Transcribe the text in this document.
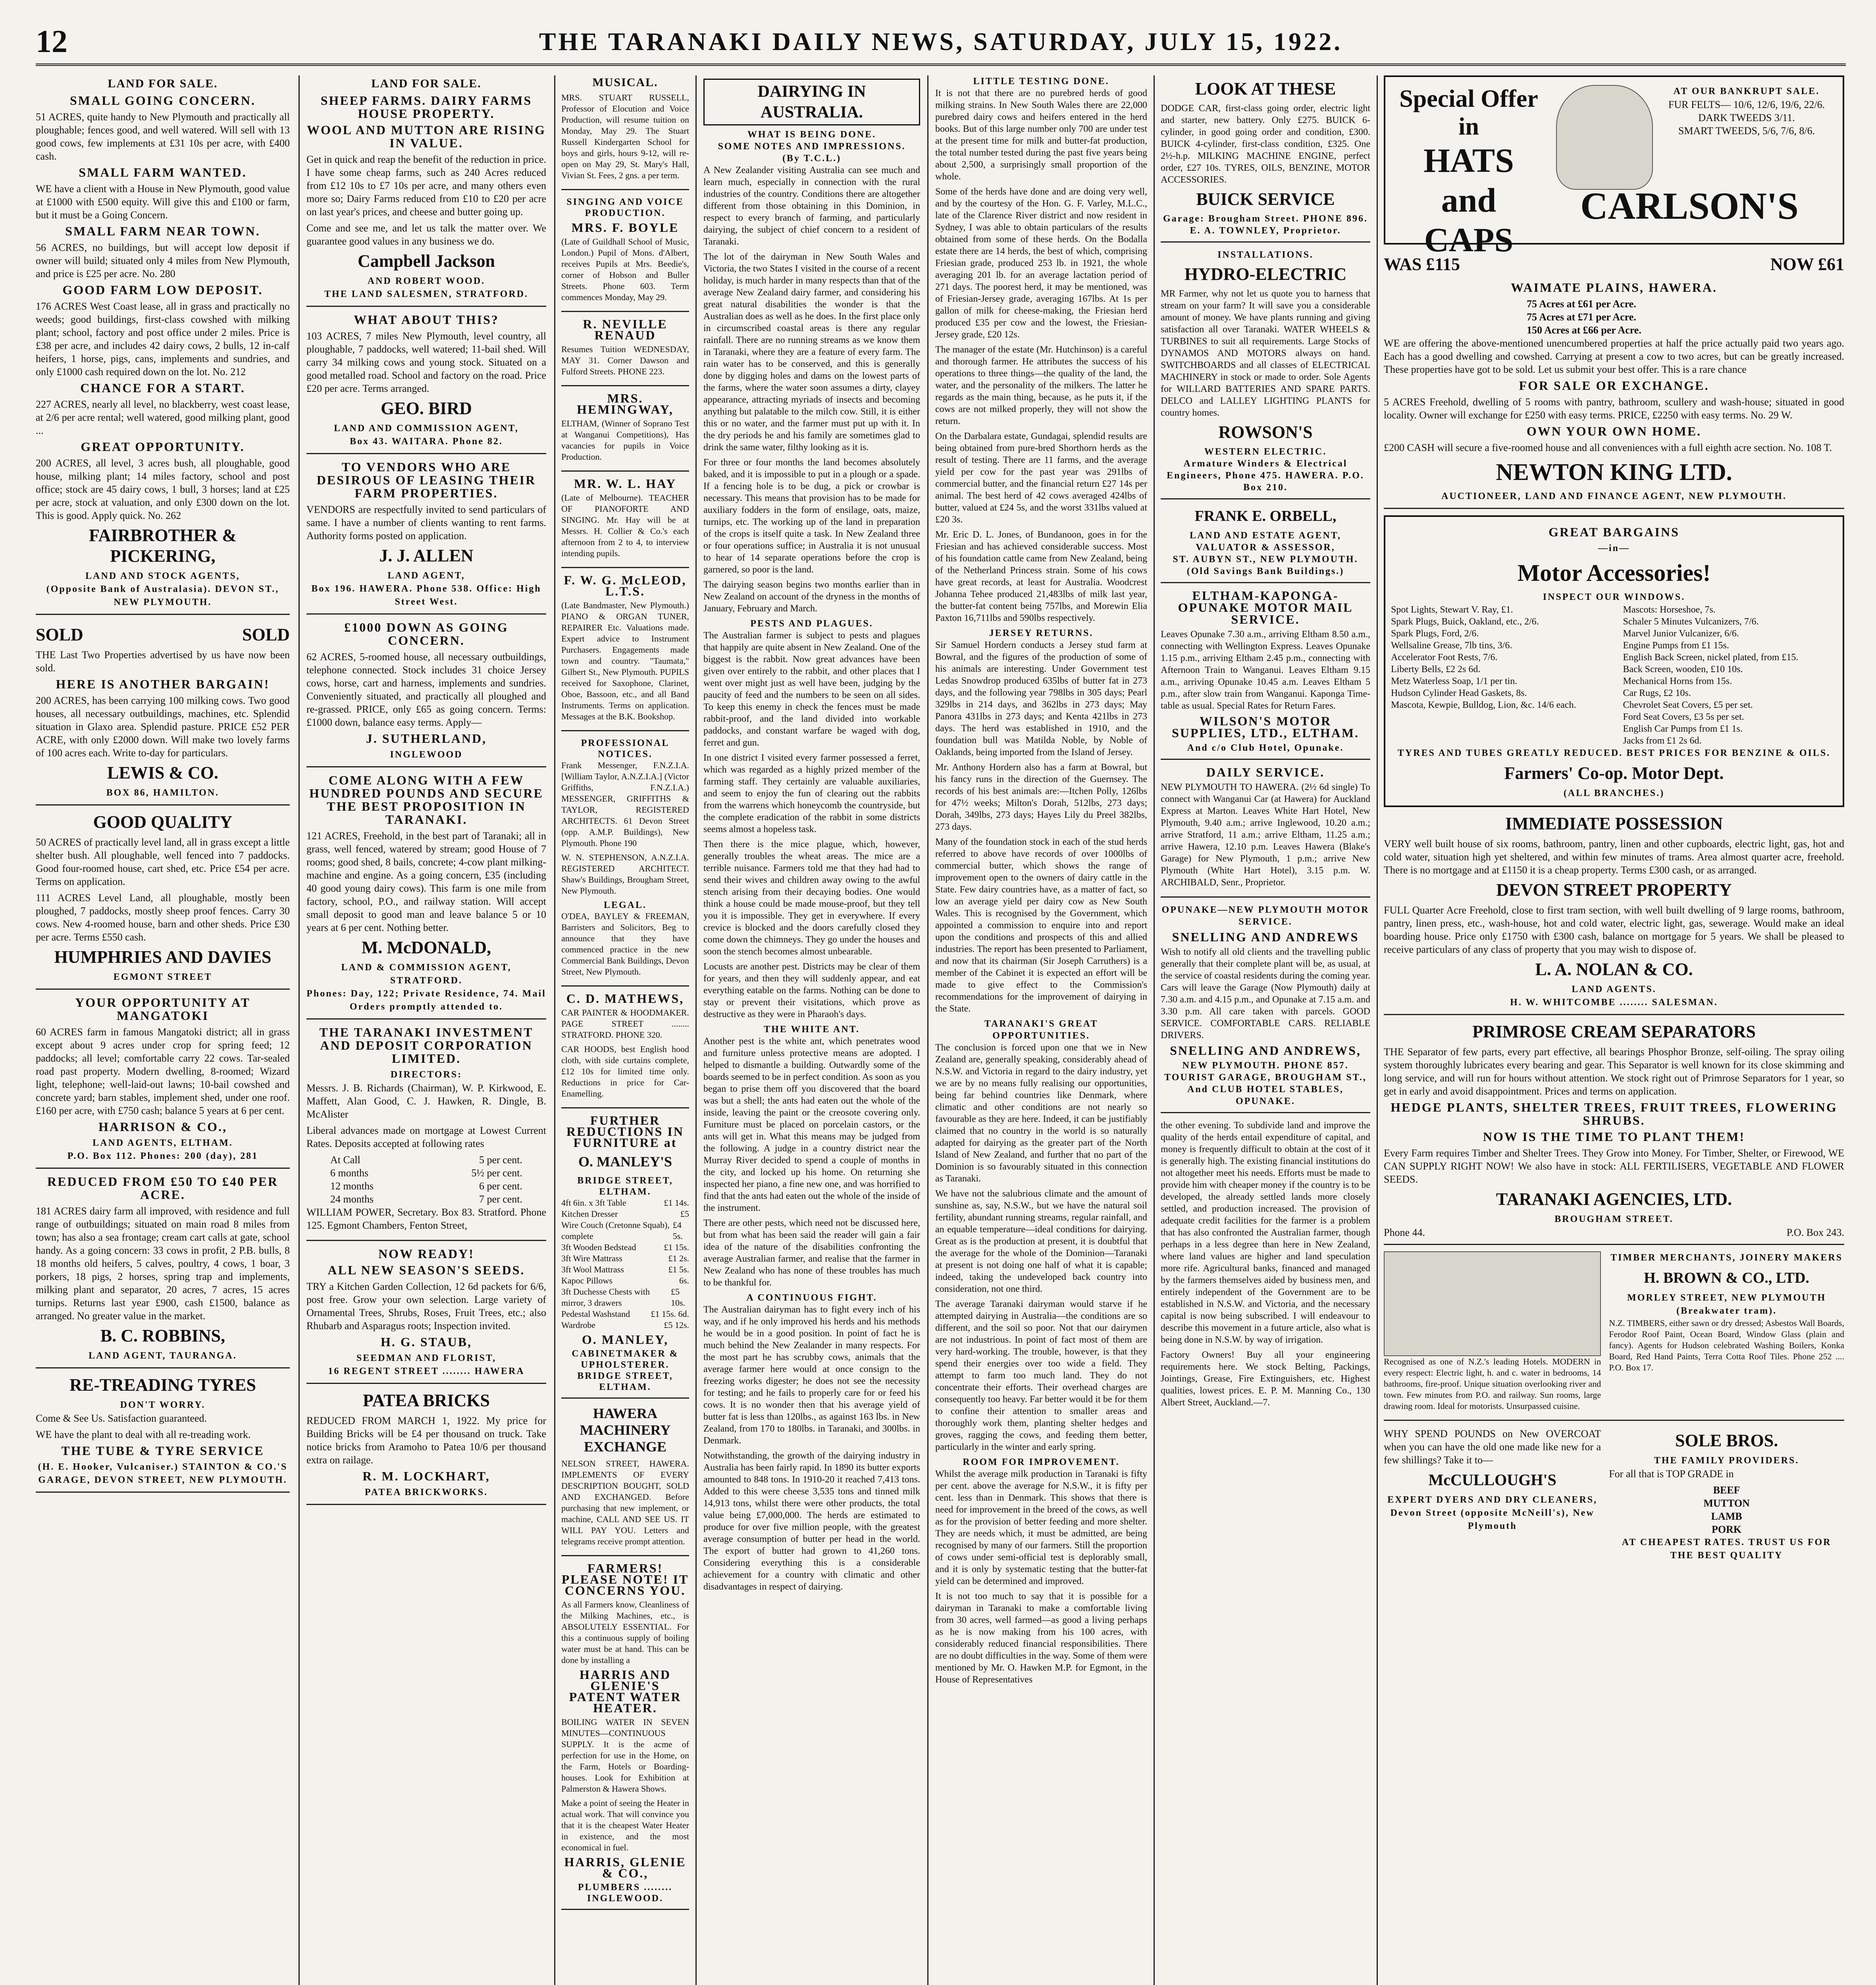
12	THE TARANAKI DAILY NEWS, SATURDAY, JULY 15, 1922.
LAND FOR SALE.
SMALL GOING CONCERN.

51 ACRES, quite handy to New Plymouth and practically all ploughable; fences good, and well watered. Will sell with 13 good cows, few implements at £31 10s per acre, with £400 cash.

SMALL FARM WANTED.

WE have a client with a House in New Plymouth, good value at £1000 with £500 equity. Will give this and £100 or farm, but it must be a Going Concern.

SMALL FARM NEAR TOWN.

56 ACRES, no buildings, but will accept low deposit if owner will build; situated only 4 miles from New Plymouth, and price is £25 per acre. No. 280

GOOD FARM LOW DEPOSIT.

176 ACRES West Coast lease, all in grass and practically no weeds; good buildings, first-class cowshed with milking plant; school, factory and post office under 2 miles. Price is £38 per acre, and includes 42 dairy cows, 2 bulls, 12 in-calf heifers, 1 horse, pigs, cans, implements and sundries, and only £1000 cash required down on the lot. No. 212

CHANCE FOR A START.

227 ACRES, nearly all level, no blackberry, west coast lease, at 2/6 per acre rental; well watered, good milking plant, good ...

GREAT OPPORTUNITY.

200 ACRES, all level, 3 acres bush, all ploughable, good house, milking plant; 14 miles factory, school and post office; stock are 45 dairy cows, 1 bull, 3 horses; land at £25 per acre, stock at valuation, and only £300 down on the lot. This is good. Apply quick. No. 262

FAIRBROTHER & PICKERING,
LAND AND STOCK AGENTS,
(Opposite Bank of Australasia). DEVON ST., NEW PLYMOUTH.
SOLD	SOLD

THE Last Two Properties advertised by us have now been sold.

HERE IS ANOTHER BARGAIN!

200 ACRES, has been carrying 100 milking cows. Two good houses, all necessary outbuildings, machines, etc. Splendid situation in Glaxo area. Splendid pasture. PRICE £52 PER ACRE, with only £2000 down. Will make two lovely farms of 100 acres each. Write to-day for particulars.

LEWIS & CO.
BOX 86, HAMILTON.
GOOD QUALITY

50 ACRES of practically level land, all in grass except a little shelter bush. All ploughable, well fenced into 7 paddocks. Good four-roomed house, cart shed, etc. Price £54 per acre. Terms on application.

111 ACRES Level Land, all ploughable, mostly been ploughed, 7 paddocks, mostly sheep proof fences. Carry 30 cows. New 4-roomed house, barn and other sheds. Price £30 per acre. Terms £550 cash.

HUMPHRIES AND DAVIES
EGMONT STREET
YOUR OPPORTUNITY AT MANGATOKI

60 ACRES farm in famous Mangatoki district; all in grass except about 9 acres under crop for spring feed; 12 paddocks; all level; comfortable carry 22 cows. Tar-sealed road past property. Modern dwelling, 8-roomed; Wizard light, telephone; well-laid-out lawns; 10-bail cowshed and concrete yard; barn stables, implement shed, under one roof. £160 per acre, with £750 cash; balance 5 years at 6 per cent.

HARRISON & CO.,
LAND AGENTS, ELTHAM.
P.O. Box 112. Phones: 200 (day), 281
REDUCED FROM £50 TO £40 PER ACRE.

181 ACRES dairy farm all improved, with residence and full range of outbuildings; situated on main road 8 miles from town; has also a sea frontage; cream cart calls at gate, school handy. As a going concern: 33 cows in profit, 2 P.B. bulls, 8 18 months old heifers, 5 calves, poultry, 4 cows, 1 boar, 3 porkers, 18 pigs, 2 horses, spring trap and implements, milking plant and separator, 20 acres, 7 acres, 15 acres turnips. Returns last year £900, cash £1500, balance as arranged. No greater value in the market.

B. C. ROBBINS,
LAND AGENT, TAURANGA.
RE-TREADING TYRES
DON'T WORRY.

Come & See Us. Satisfaction guaranteed.

WE have the plant to deal with all re-treading work.

THE TUBE & TYRE SERVICE
(H. E. Hooker, Vulcaniser.) STAINTON & CO.'S GARAGE, DEVON STREET, NEW PLYMOUTH.
LAND FOR SALE.
SHEEP FARMS. DAIRY FARMS HOUSE PROPERTY.
WOOL AND MUTTON ARE RISING IN VALUE.

Get in quick and reap the benefit of the reduction in price. I have some cheap farms, such as 240 Acres reduced from £12 10s to £7 10s per acre, and many others even more so; Dairy Farms reduced from £10 to £20 per acre on last year's prices, and cheese and butter going up.

Come and see me, and let us talk the matter over. We guarantee good values in any business we do.

Campbell Jackson
AND ROBERT WOOD.
THE LAND SALESMEN, STRATFORD.
WHAT ABOUT THIS?

103 ACRES, 7 miles New Plymouth, level country, all ploughable, 7 paddocks, well watered; 11-bail shed. Will carry 34 milking cows and young stock. Situated on a good metalled road. School and factory on the road. Price £20 per acre. Terms arranged.

GEO. BIRD
LAND AND COMMISSION AGENT,
Box 43. WAITARA. Phone 82.
TO VENDORS WHO ARE DESIROUS OF LEASING THEIR FARM PROPERTIES.

VENDORS are respectfully invited to send particulars of same. I have a number of clients wanting to rent farms. Authority forms posted on application.

J. J. ALLEN
LAND AGENT,
Box 196. HAWERA. Phone 538. Office: High Street West.
£1000 DOWN AS GOING CONCERN.

62 ACRES, 5-roomed house, all necessary outbuildings, telephone connected. Stock includes 31 choice Jersey cows, horse, cart and harness, implements and sundries. Conveniently situated, and practically all ploughed and re-grassed. PRICE, only £65 as going concern. Terms: £1000 down, balance easy terms. Apply—

J. SUTHERLAND,
INGLEWOOD
COME ALONG WITH A FEW HUNDRED POUNDS AND SECURE THE BEST PROPOSITION IN TARANAKI.

121 ACRES, Freehold, in the best part of Taranaki; all in grass, well fenced, watered by stream; good House of 7 rooms; good shed, 8 bails, concrete; 4-cow plant milking-machine and engine. As a going concern, £35 (including 40 good young dairy cows). This farm is one mile from factory, school, P.O., and railway station. Will accept small deposit to good man and leave balance 5 or 10 years at 6 per cent. Nothing better.

M. McDONALD,
LAND & COMMISSION AGENT, STRATFORD.
Phones: Day, 122; Private Residence, 74. Mail Orders promptly attended to.
THE TARANAKI INVESTMENT AND DEPOSIT CORPORATION LIMITED.
DIRECTORS:

Messrs. J. B. Richards (Chairman), W. P. Kirkwood, E. Maffett, Alan Good, C. J. Hawken, R. Dingle, B. McAlister

Liberal advances made on mortgage at Lowest Current Rates. Deposits accepted at following rates

At Call	5 per cent.
6 months	5½ per cent.
12 months	6 per cent.
24 months	7 per cent.

WILLIAM POWER, Secretary. Box 83. Stratford. Phone 125. Egmont Chambers, Fenton Street,

NOW READY!
ALL NEW SEASON'S SEEDS.

TRY a Kitchen Garden Collection, 12 6d packets for 6/6, post free. Grow your own selection. Large variety of Ornamental Trees, Shrubs, Roses, Fruit Trees, etc.; also Rhubarb and Asparagus roots; Inspection invited.

H. G. STAUB,
SEEDMAN AND FLORIST,
16 REGENT STREET ........ HAWERA
PATEA BRICKS

REDUCED FROM MARCH 1, 1922. My price for Building Bricks will be £4 per thousand on truck. Take notice bricks from Aramoho to Patea 10/6 per thousand extra on railage.

R. M. LOCKHART,
PATEA BRICKWORKS.
MUSICAL.

MRS. STUART RUSSELL, Professor of Elocution and Voice Production, will resume tuition on Monday, May 29. The Stuart Russell Kindergarten School for boys and girls, hours 9-12, will re-open on May 29, St. Mary's Hall, Vivian St. Fees, 2 gns. a per term.

SINGING AND VOICE PRODUCTION.
MRS. F. BOYLE

(Late of Guildhall School of Music, London.) Pupil of Mons. d'Albert, receives Pupils at Mrs. Beedie's, corner of Hobson and Buller Streets. Phone 603. Term commences Monday, May 29.

R. NEVILLE RENAUD

Resumes Tuition WEDNESDAY, MAY 31. Corner Dawson and Fulford Streets. PHONE 223.

MRS. HEMINGWAY,

ELTHAM, (Winner of Soprano Test at Wanganui Competitions), Has vacancies for pupils in Voice Production.

MR. W. L. HAY

(Late of Melbourne). TEACHER OF PIANOFORTE AND SINGING. Mr. Hay will be at Messrs. H. Collier & Co.'s each afternoon from 2 to 4, to interview intending pupils.

F. W. G. McLEOD, L.T.S.

(Late Bandmaster, New Plymouth.) PIANO & ORGAN TUNER, REPAIRER Etc. Valuations made. Expert advice to Instrument Purchasers. Engagements made town and country. "Taumata," Gilbert St., New Plymouth. PUPILS received for Saxophone, Clarinet, Oboe, Bassoon, etc., and all Band Instruments. Terms on application. Messages at the B.K. Bookshop.

PROFESSIONAL NOTICES.

Frank Messenger, F.N.Z.I.A. [William Taylor, A.N.Z.I.A.] (Victor Griffiths, F.N.Z.I.A.) MESSENGER, GRIFFITHS & TAYLOR, REGISTERED ARCHITECTS. 61 Devon Street (opp. A.M.P. Buildings), New Plymouth. Phone 190

W. N. STEPHENSON, A.N.Z.I.A. REGISTERED ARCHITECT. Shaw's Buildings, Brougham Street, New Plymouth.

LEGAL.

O'DEA, BAYLEY & FREEMAN, Barristers and Solicitors, Beg to announce that they have commenced practice in the new Commercial Bank Buildings, Devon Street, New Plymouth.

C. D. MATHEWS,

CAR PAINTER & HOODMAKER. PAGE STREET ........ STRATFORD. PHONE 320.

CAR HOODS, best English hood cloth, with side curtains complete, £12 10s for limited time only. Reductions in price for Car-Enamelling.

FURTHER REDUCTIONS IN FURNITURE at
O. MANLEY'S
BRIDGE STREET, ELTHAM.
4ft 6in. x 3ft Table	£1 14s.
Kitchen Dresser	£5
Wire Couch (Cretonne Squab), complete
£4 5s.
3ft Wooden Bedstead	£1 15s.
3ft Wire Mattrass	£1 2s.
3ft Wool Mattrass	£1 5s.
Kapoc Pillows	6s.
3ft Duchesse Chests with mirror, 3 drawers
£5 10s.
Pedestal Washstand £1 15s. 6d.
Wardrobe	£5 12s.
O. MANLEY,
CABINETMAKER & UPHOLSTERER.
BRIDGE STREET, ELTHAM.
HAWERA MACHINERY EXCHANGE

NELSON STREET, HAWERA. IMPLEMENTS OF EVERY DESCRIPTION BOUGHT, SOLD AND EXCHANGED. Before purchasing that new implement, or machine, CALL AND SEE US. IT WILL PAY YOU. Letters and telegrams receive prompt attention.

FARMERS! PLEASE NOTE! IT CONCERNS YOU.

As all Farmers know, Cleanliness of the Milking Machines, etc., is ABSOLUTELY ESSENTIAL. For this a continuous supply of boiling water must be at hand. This can be done by installing a

HARRIS AND GLENIE'S PATENT WATER HEATER.

BOILING WATER IN SEVEN MINUTES—CONTINUOUS SUPPLY. It is the acme of perfection for use in the Home, on the Farm, Hotels or Boarding-houses. Look for Exhibition at Palmerston & Hawera Shows.

Make a point of seeing the Heater in actual work. That will convince you that it is the cheapest Water Heater in existence, and the most economical in fuel.

HARRIS, GLENIE & CO.,
PLUMBERS ........ INGLEWOOD.
DAIRYING IN AUSTRALIA.
WHAT IS BEING DONE.
SOME NOTES AND IMPRESSIONS.
(By T.C.L.)

A New Zealander visiting Australia can see much and learn much, especially in connection with the rural industries of the country. Conditions there are altogether different from those obtaining in this Dominion, in respect to every branch of farming, and particularly dairying, the subject of chief concern to a resident of Taranaki.

The lot of the dairyman in New South Wales and Victoria, the two States I visited in the course of a recent holiday, is much harder in many respects than that of the average New Zealand dairy farmer, and considering his great natural disabilities the wonder is that the Australian does as well as he does. In the first place only in circumscribed coastal areas is there any regular rainfall. There are no running streams as we know them in Taranaki, where they are a feature of every farm. The rain water has to be conserved, and this is generally done by digging holes and dams on the lowest parts of the farms, where the water soon assumes a dirty, clayey appearance, attracting myriads of insects and becoming anything but palatable to the milch cow. Still, it is either this or no water, and the farmer must put up with it. In the dry periods he and his family are sometimes glad to drink the same water, filthy looking as it is.

For three or four months the land becomes absolutely baked, and it is impossible to put in a plough or a spade. If a fencing hole is to be dug, a pick or crowbar is necessary. This means that provision has to be made for auxiliary fodders in the form of ensilage, oats, maize, turnips, etc. The working up of the land in preparation of the crops is itself quite a task. In New Zealand three or four operations suffice; in Australia it is not unusual to hear of 14 separate operations before the crop is garnered, so poor is the land.

The dairying season begins two months earlier than in New Zealand on account of the dryness in the months of January, February and March.

PESTS AND PLAGUES.

The Australian farmer is subject to pests and plagues that happily are quite absent in New Zealand. One of the biggest is the rabbit. Now great advances have been given over entirely to the rabbit, and other places that I went over might just as well have been, judging by the paucity of feed and the numbers to be seen on all sides. To keep this enemy in check the fences must be made rabbit-proof, and the land divided into workable paddocks, and constant warfare be waged with dog, ferret and gun.

In one district I visited every farmer possessed a ferret, which was regarded as a highly prized member of the farming staff. They certainly are valuable auxiliaries, and seem to enjoy the fun of clearing out the rabbits from the warrens which honeycomb the countryside, but the complete eradication of the rabbit in some districts seems almost a hopeless task.

Then there is the mice plague, which, however, generally troubles the wheat areas. The mice are a terrible nuisance. Farmers told me that they had had to send their wives and children away owing to the awful stench arising from their decaying bodies. One would think a house could be made mouse-proof, but they tell you it is impossible. They get in everywhere. If every crevice is blocked and the doors carefully closed they come down the chimneys. They go under the houses and soon the stench becomes almost unbearable.

Locusts are another pest. Districts may be clear of them for years, and then they will suddenly appear, and eat everything eatable on the farms. Nothing can be done to stay or prevent their visitations, which prove as destructive as they were in Pharaoh's days.

THE WHITE ANT.

Another pest is the white ant, which penetrates wood and furniture unless protective means are adopted. I helped to dismantle a building. Outwardly some of the boards seemed to be in perfect condition. As soon as you began to prise them off you discovered that the board was but a shell; the ants had eaten out the whole of the inside, leaving the paint or the creosote covering only. Furniture must be placed on porcelain castors, or the ants will get in. What this means may be judged from the following. A judge in a country district near the Murray River decided to spend a couple of months in the city, and locked up his home. On returning she inspected her piano, a fine new one, and was horrified to find that the ants had eaten out the whole of the inside of the instrument.

There are other pests, which need not be discussed here, but from what has been said the reader will gain a fair idea of the nature of the disabilities confronting the average Australian farmer, and realise that the farmer in New Zealand who has none of these troubles has much to be thankful for.

A CONTINUOUS FIGHT.

The Australian dairyman has to fight every inch of his way, and if he only improved his herds and his methods he would be in a good position. In point of fact he is much behind the New Zealander in many respects. For the most part he has scrubby cows, animals that the average farmer here would at once consign to the freezing works digester; he does not see the necessity for testing; and he fails to properly care for or feed his cows. It is no wonder then that his average yield of butter fat is less than 120lbs., as against 163 lbs. in New Zealand, from 170 to 180lbs. in Taranaki, and 300lbs. in Denmark.

Notwithstanding, the growth of the dairying industry in Australia has been fairly rapid. In 1890 its butter exports amounted to 848 tons. In 1910-20 it reached 7,413 tons. Added to this were cheese 3,535 tons and tinned milk 14,913 tons, whilst there were other products, the total value being £7,000,000. The herds are estimated to produce for over five million people, with the greatest average consumption of butter per head in the world. The export of butter had grown to 41,260 tons. Considering everything this is a considerable achievement for a country with climatic and other disadvantages in respect of dairying.

LITTLE TESTING DONE.

It is not that there are no purebred herds of good milking strains. In New South Wales there are 22,000 purebred dairy cows and heifers entered in the herd books. But of this large number only 700 are under test at the present time for milk and butter-fat production, the total number tested during the past five years being about 2,500, a surprisingly small proportion of the whole.

Some of the herds have done and are doing very well, and by the courtesy of the Hon. G. F. Varley, M.L.C., late of the Clarence River district and now resident in Sydney, I was able to obtain particulars of the results obtained from some of these herds. On the Bodalla estate there are 14 herds, the best of which, comprising Friesian grade, produced 253 lb. in 1921, the whole averaging 201 lb. for an average lactation period of 271 days. The poorest herd, it may be mentioned, was of Friesian-Jersey grade, averaging 167lbs. At 1s per gallon of milk for cheese-making, the Friesian herd produced £35 per cow and the lowest, the Friesian-Jersey grade, £20 12s.

The manager of the estate (Mr. Hutchinson) is a careful and thorough farmer. He attributes the success of his operations to three things—the quality of the land, the water, and the personality of the milkers. The latter he regards as the main thing, because, as he puts it, if the cows are not milked properly, they will not show the return.

On the Darbalara estate, Gundagai, splendid results are being obtained from pure-bred Shorthorn herds as the result of testing. There are 11 farms, and the average yield per cow for the past year was 291lbs of commercial butter, and the financial return £27 14s per animal. The best herd of 42 cows averaged 424lbs of butter, valued at £24 5s, and the worst 331lbs valued at £20 3s.

Mr. Eric D. L. Jones, of Bundanoon, goes in for the Friesian and has achieved considerable success. Most of his foundation cattle came from New Zealand, being of the Netherland Princess strain. Some of his cows have great records, at least for Australia. Woodcrest Johanna Tehee produced 21,483lbs of milk last year, the butter-fat content being 757lbs, and Morewin Elia Paxton 16,711lbs and 590lbs respectively.

JERSEY RETURNS.

Sir Samuel Hordern conducts a Jersey stud farm at Bowral, and the figures of the production of some of his animals are interesting. Under Government test Ledas Snowdrop produced 635lbs of butter fat in 273 days, and the following year 798lbs in 305 days; Pearl 329lbs in 214 days, and 362lbs in 273 days; May Panora 431lbs in 273 days; and Kenta 421lbs in 273 days. The herd was established in 1910, and the foundation bull was Matilda Noble, by Noble of Oaklands, being imported from the Island of Jersey.

Mr. Anthony Hordern also has a farm at Bowral, but his fancy runs in the direction of the Guernsey. The records of his best animals are:—Itchen Polly, 126lbs for 47½ weeks; Milton's Dorah, 512lbs, 273 days; Dorah, 349lbs, 273 days; Hayes Lily du Preel 382lbs, 273 days.

Many of the foundation stock in each of the stud herds referred to above have records of over 1000lbs of commercial butter, which shows the range of improvement open to the owners of dairy cattle in the State. Few dairy countries have, as a matter of fact, so low an average yield per dairy cow as New South Wales. This is recognised by the Government, which appointed a commission to enquire into and report upon the conditions and prospects of this and allied industries. The report has been presented to Parliament, and now that its chairman (Sir Joseph Carruthers) is a member of the Cabinet it is expected an effort will be made to give effect to the Commission's recommendations for the improvement of dairying in the State.

TARANAKI'S GREAT OPPORTUNITIES.

The conclusion is forced upon one that we in New Zealand are, generally speaking, considerably ahead of N.S.W. and Victoria in regard to the dairy industry, yet we are by no means fully realising our opportunities, being far behind countries like Denmark, where climatic and other conditions are not nearly so favourable as they are here. Indeed, it can be justifiably claimed that no country in the world is so naturally adapted for dairying as the greater part of the North Island of New Zealand, and further that no part of the Dominion is so favourably situated in this connection as Taranaki.

We have not the salubrious climate and the amount of sunshine as, say, N.S.W., but we have the natural soil fertility, abundant running streams, regular rainfall, and an equable temperature—ideal conditions for dairying. Great as is the production at present, it is doubtful that the average for the whole of the Dominion—Taranaki at present is not doing one half of what it is capable; indeed, taking the undeveloped back country into consideration, not one third.

The average Taranaki dairyman would starve if he attempted dairying in Australia—the conditions are so different, and the soil so poor. Not that our dairymen are not industrious. In point of fact most of them are very hard-working. The trouble, however, is that they spend their energies over too wide a field. They attempt to farm too much land. They do not concentrate their efforts. Their overhead charges are consequently too heavy. Far better would it be for them to confine their attention to smaller areas and thoroughly work them, planting shelter hedges and groves, ragging the cows, and feeding them better, particularly in the winter and early spring.

ROOM FOR IMPROVEMENT.

Whilst the average milk production in Taranaki is fifty per cent. above the average for N.S.W., it is fifty per cent. less than in Denmark. This shows that there is need for improvement in the breed of the cows, as well as for the provision of better feeding and more shelter. They are needs which, it must be admitted, are being recognised by many of our farmers. Still the proportion of cows under semi-official test is deplorably small, and it is only by systematic testing that the butter-fat yield can be determined and improved.

It is not too much to say that it is possible for a dairyman in Taranaki to make a comfortable living from 30 acres, well farmed—as good a living perhaps as he is now making from his 100 acres, with considerably reduced financial responsibilities. There are no doubt difficulties in the way. Some of them were mentioned by Mr. O. Hawken M.P. for Egmont, in the House of Representatives

LOOK AT THESE

DODGE CAR, first-class going order, electric light and starter, new battery. Only £275. BUICK 6-cylinder, in good going order and condition, £300. BUICK 4-cylinder, first-class condition, £325. One 2½-h.p. MILKING MACHINE ENGINE, perfect order, £27 10s. TYRES, OILS, BENZINE, MOTOR ACCESSORIES.

BUICK SERVICE
Garage: Brougham Street. PHONE 896. E. A. TOWNLEY, Proprietor.
INSTALLATIONS.
HYDRO-ELECTRIC

MR Farmer, why not let us quote you to harness that stream on your farm? It will save you a considerable amount of money. We have plants running and giving satisfaction all over Taranaki. WATER WHEELS & TURBINES to suit all requirements. Large Stocks of DYNAMOS AND MOTORS always on hand. SWITCHBOARDS and all classes of ELECTRICAL MACHINERY in stock or made to order. Sole Agents for WILLARD BATTERIES AND SPARE PARTS. DELCO and LALLEY LIGHTING PLANTS for country homes.

ROWSON'S
WESTERN ELECTRIC.
Armature Winders & Electrical Engineers, Phone 475. HAWERA. P.O. Box 210.
FRANK E. ORBELL,
LAND AND ESTATE AGENT, VALUATOR & ASSESSOR,
ST. AUBYN ST., NEW PLYMOUTH. (Old Savings Bank Buildings.)
ELTHAM-KAPONGA-OPUNAKE MOTOR MAIL SERVICE.

Leaves Opunake 7.30 a.m., arriving Eltham 8.50 a.m., connecting with Wellington Express. Leaves Opunake 1.15 p.m., arriving Eltham 2.45 p.m., connecting with Afternoon Train to Wanganui. Leaves Eltham 9.15 a.m., arriving Opunake 10.45 a.m. Leaves Eltham 5 p.m., after slow train from Wanganui. Kaponga Time-table as usual. Special Rates for Return Fares.

WILSON'S MOTOR SUPPLIES, LTD., ELTHAM.
And c/o Club Hotel, Opunake.
DAILY SERVICE.

NEW PLYMOUTH TO HAWERA. (2½ 6d single) To connect with Wanganui Car (at Hawera) for Auckland Express at Marton. Leaves White Hart Hotel, New Plymouth, 9.40 a.m.; arrive Inglewood, 10.20 a.m.; arrive Stratford, 11 a.m.; arrive Eltham, 11.25 a.m.; arrive Hawera, 12.10 p.m. Leaves Hawera (Blake's Garage) for New Plymouth, 1 p.m.; arrive New Plymouth (White Hart Hotel), 3.15 p.m. W. ARCHIBALD, Senr., Proprietor.

OPUNAKE—NEW PLYMOUTH MOTOR SERVICE.
SNELLING AND ANDREWS

Wish to notify all old clients and the travelling public generally that their complete plant will be, as usual, at the service of coastal residents during the coming year. Cars will leave the Garage (Now Plymouth) daily at 7.30 a.m. and 4.15 p.m., and Opunake at 7.15 a.m. and 3.30 p.m. All care taken with parcels. GOOD SERVICE. COMFORTABLE CARS. RELIABLE DRIVERS.

SNELLING AND ANDREWS,
NEW PLYMOUTH. PHONE 857. TOURIST GARAGE, BROUGHAM ST., And CLUB HOTEL STABLES, OPUNAKE.

the other evening. To subdivide land and improve the quality of the herds entail expenditure of capital, and money is frequently difficult to obtain at the cost of it is generally high. The existing financial institutions do not altogether meet his needs. Efforts must be made to provide him with cheaper money if the country is to be developed, the already settled lands more closely settled, and production increased. The provision of adequate credit facilities for the farmer is a problem that has also confronted the Australian farmer, though perhaps in a less degree than here in New Zealand, where land values are higher and land speculation more rife. Agricultural banks, financed and managed by the farmers themselves aided by business men, and entirely independent of the Government are to be established in N.S.W. and Victoria, and the necessary capital is now being subscribed. I will endeavour to describe this movement in a future article, also what is being done in N.S.W. by way of irrigation.

Factory Owners! Buy all your engineering requirements here. We stock Belting, Packings, Jointings, Grease, Fire Extinguishers, etc. Highest qualities, lowest prices. E. P. M. Manning Co., 130 Albert Street, Auckland.—7.

Special Offer in
HATS and CAPS
AT OUR BANKRUPT SALE.
FUR FELTS— 10/6, 12/6, 19/6, 22/6.
DARK TWEEDS 3/11.
SMART TWEEDS, 5/6, 7/6, 8/6.
CARLSON'S
WAS £115	NOW £61
WAIMATE PLAINS, HAWERA.
75 Acres at £61 per Acre.
75 Acres at £71 per Acre.
150 Acres at £66 per Acre.

WE are offering the above-mentioned unencumbered properties at half the price actually paid two years ago. Each has a good dwelling and cowshed. Carrying at present a cow to two acres, but can be greatly increased. These properties have got to be sold. Let us submit your best offer. This is a rare chance

FOR SALE OR EXCHANGE.

5 ACRES Freehold, dwelling of 5 rooms with pantry, bathroom, scullery and wash-house; situated in good locality. Owner will exchange for £250 with easy terms. PRICE, £2250 with easy terms. No. 29 W.

OWN YOUR OWN HOME.

£200 CASH will secure a five-roomed house and all conveniences with a full eighth acre section. No. 108 T.

NEWTON KING LTD.
AUCTIONEER, LAND AND FINANCE AGENT, NEW PLYMOUTH.
GREAT BARGAINS
—in—
Motor Accessories!
INSPECT OUR WINDOWS.
Spot Lights, Stewart V. Ray, £1.
Spark Plugs, Buick, Oakland, etc., 2/6.
Spark Plugs, Ford, 2/6.
Wellsaline Grease, 7lb tins, 3/6.
Accelerator Foot Rests, 7/6.
Liberty Bells, £2 2s 6d.
Metz Waterless Soap, 1/1 per tin.
Hudson Cylinder Head Gaskets, 8s.
Mascota, Kewpie, Bulldog, Lion, &c. 14/6 each.
Mascots: Horseshoe, 7s.
Schaler 5 Minutes Vulcanizers, 7/6.
Marvel Junior Vulcanizer, 6/6.
Engine Pumps from £1 15s.
English Back Screen, nickel plated, from £15.
Back Screen, wooden, £10 10s.
Mechanical Horns from 15s.
Car Rugs, £2 10s.
Chevrolet Seat Covers, £5 per set.
Ford Seat Covers, £3 5s per set.
English Car Pumps from £1 1s.
Jacks from £1 2s 6d.
TYRES AND TUBES GREATLY REDUCED. BEST PRICES FOR BENZINE & OILS.
Farmers' Co-op. Motor Dept.
(ALL BRANCHES.)
IMMEDIATE POSSESSION

VERY well built house of six rooms, bathroom, pantry, linen and other cupboards, electric light, gas, hot and cold water, situation high yet sheltered, and within few minutes of trams. Area almost quarter acre, freehold. There is no mortgage and at £1150 it is a cheap property. Terms £300 cash, or as arranged.

DEVON STREET PROPERTY

FULL Quarter Acre Freehold, close to first tram section, with well built dwelling of 9 large rooms, bathroom, pantry, linen press, etc., wash-house, hot and cold water, electric light, gas, sewerage. Would make an ideal boarding house. Price only £1750 with £300 cash, balance on mortgage for 5 years. We shall be pleased to receive particulars of any class of property that you may wish to dispose of.

L. A. NOLAN & CO.
LAND AGENTS.
H. W. WHITCOMBE ........ SALESMAN.
PRIMROSE CREAM SEPARATORS

THE Separator of few parts, every part effective, all bearings Phosphor Bronze, self-oiling. The spray oiling system thoroughly lubricates every bearing and gear. This Separator is well known for its close skimming and long service, and will run for hours without attention. We stock right out of Primrose Separators for 1 year, so get in early and avoid disappointment. Prices and terms on application.

HEDGE PLANTS, SHELTER TREES, FRUIT TREES, FLOWERING SHRUBS.
NOW IS THE TIME TO PLANT THEM!

Every Farm requires Timber and Shelter Trees. They Grow into Money. For Timber, Shelter, or Firewood, WE CAN SUPPLY RIGHT NOW! We also have in stock: ALL FERTILISERS, VEGETABLE AND FLOWER SEEDS.

TARANAKI AGENCIES, LTD.
BROUGHAM STREET.
Phone 44.	P.O. Box 243.

Recognised as one of N.Z.'s leading Hotels. MODERN in every respect: Electric light, h. and c. water in bedrooms, 14 bathrooms, fire-proof. Unique situation overlooking river and town. Few minutes from P.O. and railway. Sun rooms, large drawing room. Ideal for motorists. Unsurpassed cuisine.

TIMBER MERCHANTS, JOINERY MAKERS
H. BROWN & CO., LTD.
MORLEY STREET, NEW PLYMOUTH (Breakwater tram).

N.Z. TIMBERS, either sawn or dry dressed; Asbestos Wall Boards, Ferodor Roof Paint, Ocean Board, Window Glass (plain and fancy). Agents for Hudson celebrated Washing Boilers, Konka Board, Red Hand Paints, Terra Cotta Roof Tiles. Phone 252 .... P.O. Box 17.

WHY SPEND POUNDS on New OVERCOAT when you can have the old one made like new for a few shillings? Take it to—

McCULLOUGH'S
EXPERT DYERS AND DRY CLEANERS,
Devon Street (opposite McNeill's), New Plymouth
SOLE BROS.
THE FAMILY PROVIDERS.

For all that is TOP GRADE in

BEEF
MUTTON
LAMB
PORK
AT CHEAPEST RATES. TRUST US FOR THE BEST QUALITY
